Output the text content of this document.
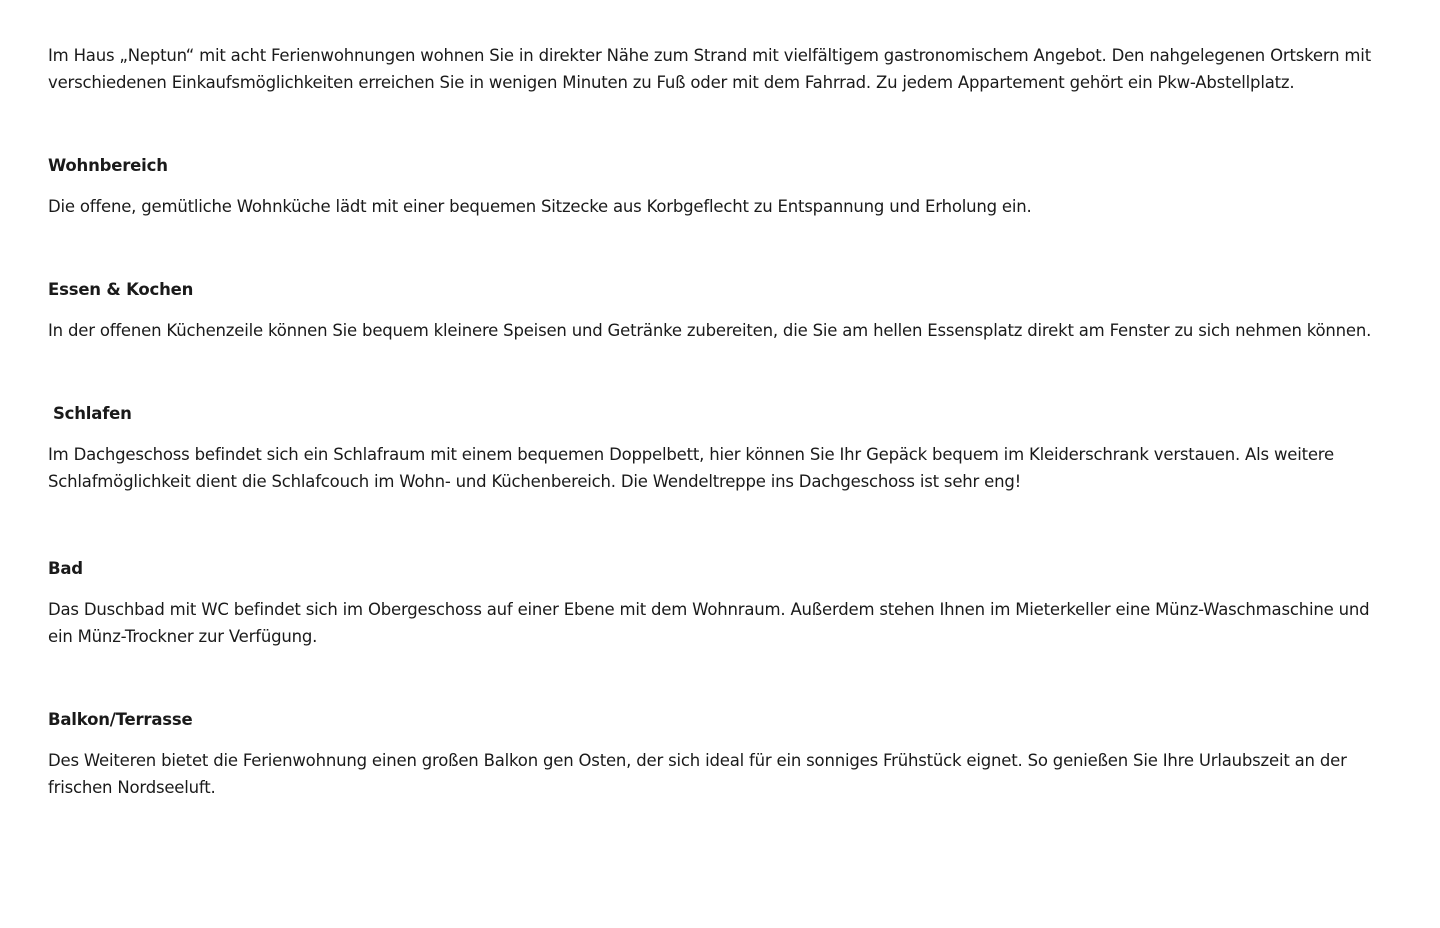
Im Haus „Neptun“ mit acht Ferienwohnungen wohnen Sie in direkter Nähe zum Strand mit vielfältigem gastronomischem Angebot. Den nahgelegenen Ortskern mit verschiedenen Einkaufsmöglichkeiten erreichen Sie in wenigen Minuten zu Fuß oder mit dem Fahrrad. Zu jedem Appartement gehört ein Pkw-Abstellplatz.

Wohnbereich

Die offene, gemütliche Wohnküche lädt mit einer bequemen Sitzecke aus Korbgeflecht zu Entspannung und Erholung ein.

Essen & Kochen

In der offenen Küchenzeile können Sie bequem kleinere Speisen und Getränke zubereiten, die Sie am hellen Essensplatz direkt am Fenster zu sich nehmen können.

Schlafen

Im Dachgeschoss befindet sich ein Schlafraum mit einem bequemen Doppelbett, hier können Sie Ihr Gepäck bequem im Kleiderschrank verstauen. Als weitere Schlafmöglichkeit dient die Schlafcouch im Wohn- und Küchenbereich. Die Wendeltreppe ins Dachgeschoss ist sehr eng!

Bad

Das Duschbad mit WC befindet sich im Obergeschoss auf einer Ebene mit dem Wohnraum. Außerdem stehen Ihnen im Mieterkeller eine Münz-Waschmaschine und ein Münz-Trockner zur Verfügung.

Balkon/Terrasse

Des Weiteren bietet die Ferienwohnung einen großen Balkon gen Osten, der sich ideal für ein sonniges Frühstück eignet. So genießen Sie Ihre Urlaubszeit an der frischen Nordseeluft.
